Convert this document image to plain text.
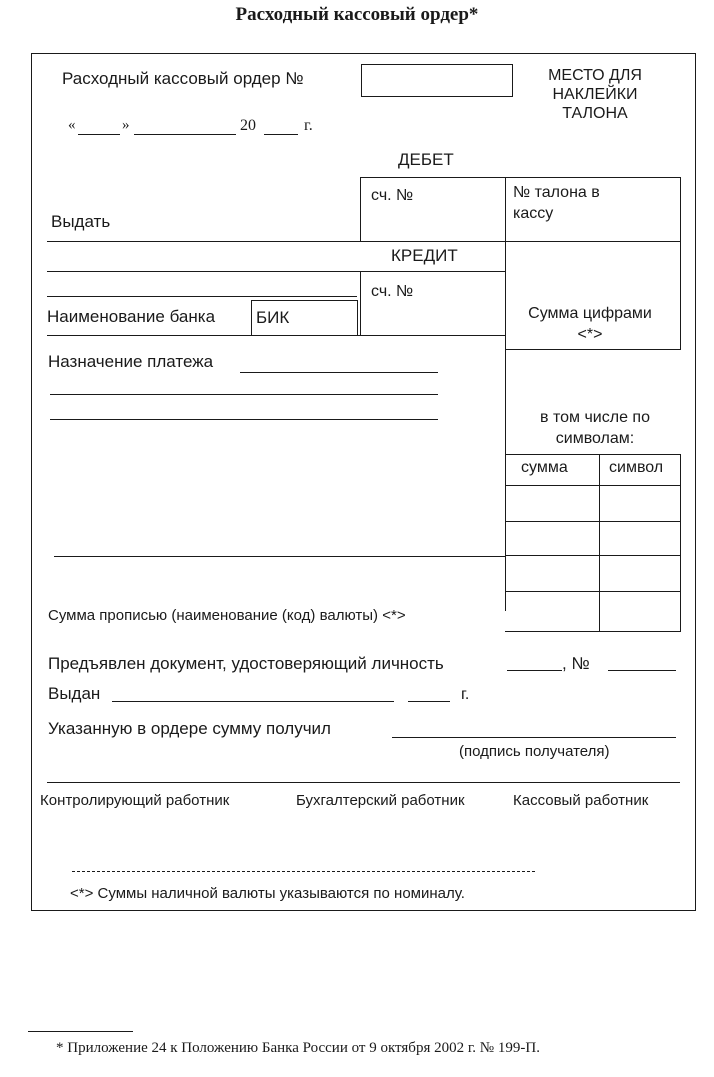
Расходный кассовый ордер*
Расходный кассовый ордер №	МЕСТО ДЛЯ НАКЛЕЙКИ ТАЛОНА
«	»	20	г.
ДЕБЕТ
сч. №	№ талона в кассу
Выдать
КРЕДИТ
сч. №
Сумма цифрами <*>
Наименование банка БИК
Назначение платежа
в том числе по символам:
сумма	символ
Сумма прописью (наименование (код) валюты) <*>
Предъявлен документ, удостоверяющий личность	, №
Выдан	г.
Указанную в ордере сумму получил
(подпись получателя)
Контролирующий работник	Бухгалтерский работник	Кассовый работник
<*> Суммы наличной валюты указываются по номиналу.
* Приложение 24 к Положению Банка России от 9 октября 2002 г. № 199-П.
